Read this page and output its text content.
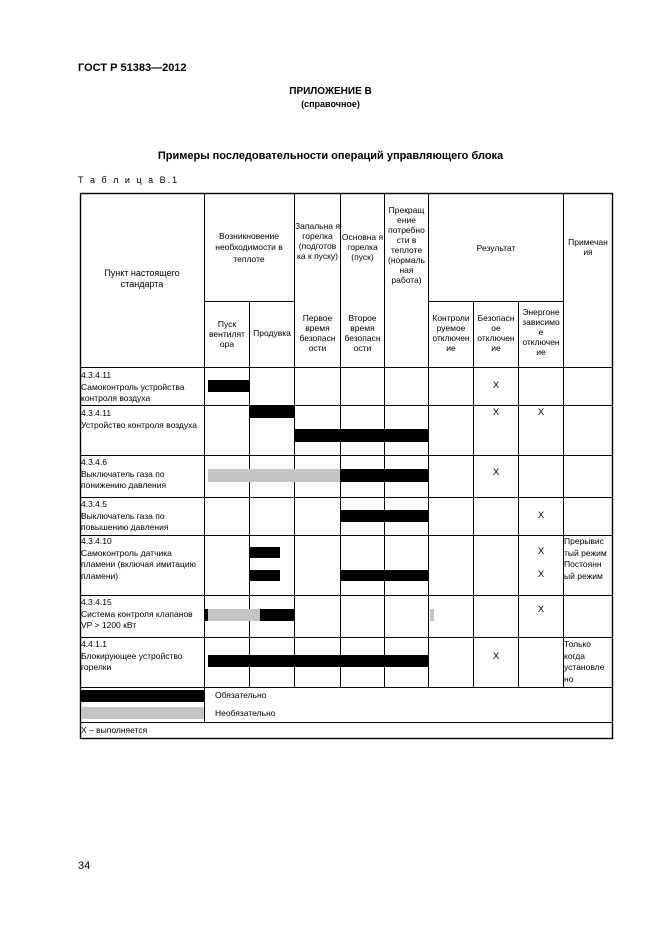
ГОСТ Р 51383—2012
ПРИЛОЖЕНИЕ В
(справочное)
Примеры последовательности операций управляющего блока
Т а б л и ц а В.1
Пункт настоящего стандарта
Возникновение необходимости в теплоте
Запальна я горелка (подготов ка к пуску)
Основна я горелка (пуск)
Прекращ ение потребно сти в теплоте (нормаль ная работа)
Результат
Примечан ия
Пуск вентилят ора
Продувка
Первое время безопасн ости
Второе время безопасн ости
Контроли руемое отключен ие
Безопасн ое отключен ие
Энергоне зависимо е отключен ие
4.3.4.11
Самоконтроль устройства контроля воздуха
X
4.3.4.11
Устройство контроля воздуха
X	X
4.3.4.6
Выключатель газа по понижению давления
X
4.3.4.5
Выключатель газа по повышению давления
X
4.3.4.10
Самоконтроль датчика пламени (включая имитацию пламени)
X
X
Прерывис тый режим Постоянн ый режим
4.3.4.15
Система контроля клапанов VP > 1200 кВт
X
4.4.1.1
Блокирующее устройство горелки
X
Только когда установле но
Обязательно
Необязательно
X – выполняется
34
